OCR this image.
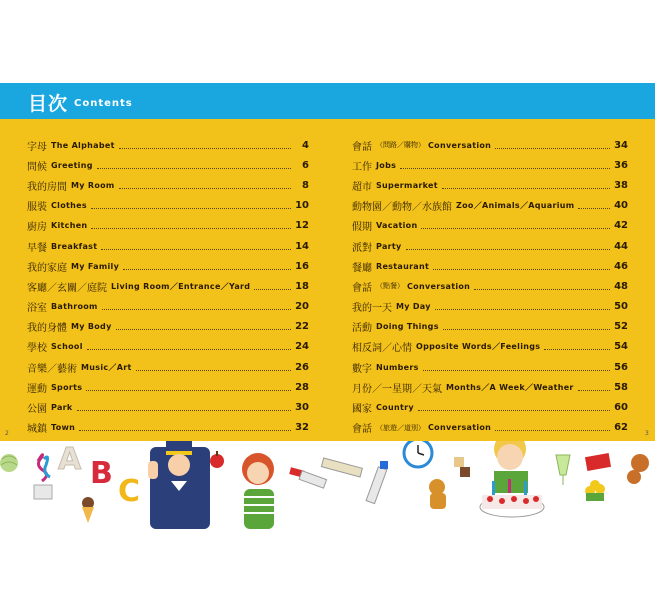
目次 Contents
字母 The Alphabet	4
問候 Greeting	6
我的房間 My Room	8
服裝 Clothes	10
廚房 Kitchen	12
早餐 Breakfast	14
我的家庭 My Family	16
客廳／玄關／庭院 Living Room／Entrance／Yard	18
浴室 Bathroom	20
我的身體 My Body	22
學校 School	24
音樂／藝術 Music／Art	26
運動 Sports	28
公園 Park	30
城鎮 Town	32
會話 （問路／購物） Conversation	34
工作 Jobs	36
超市 Supermarket	38
動物園／動物／水族館 Zoo／Animals／Aquarium	40
假期 Vacation	42
派對 Party	44
餐廳 Restaurant	46
會話 （點餐） Conversation	48
我的一天 My Day	50
活動 Doing Things	52
相反詞／心情 Opposite Words／Feelings	54
數字 Numbers	56
月份／一星期／天氣 Months／A Week／Weather	58
國家 Country	60
會話 （旅遊／道別） Conversation	62
A B
C
2	3
